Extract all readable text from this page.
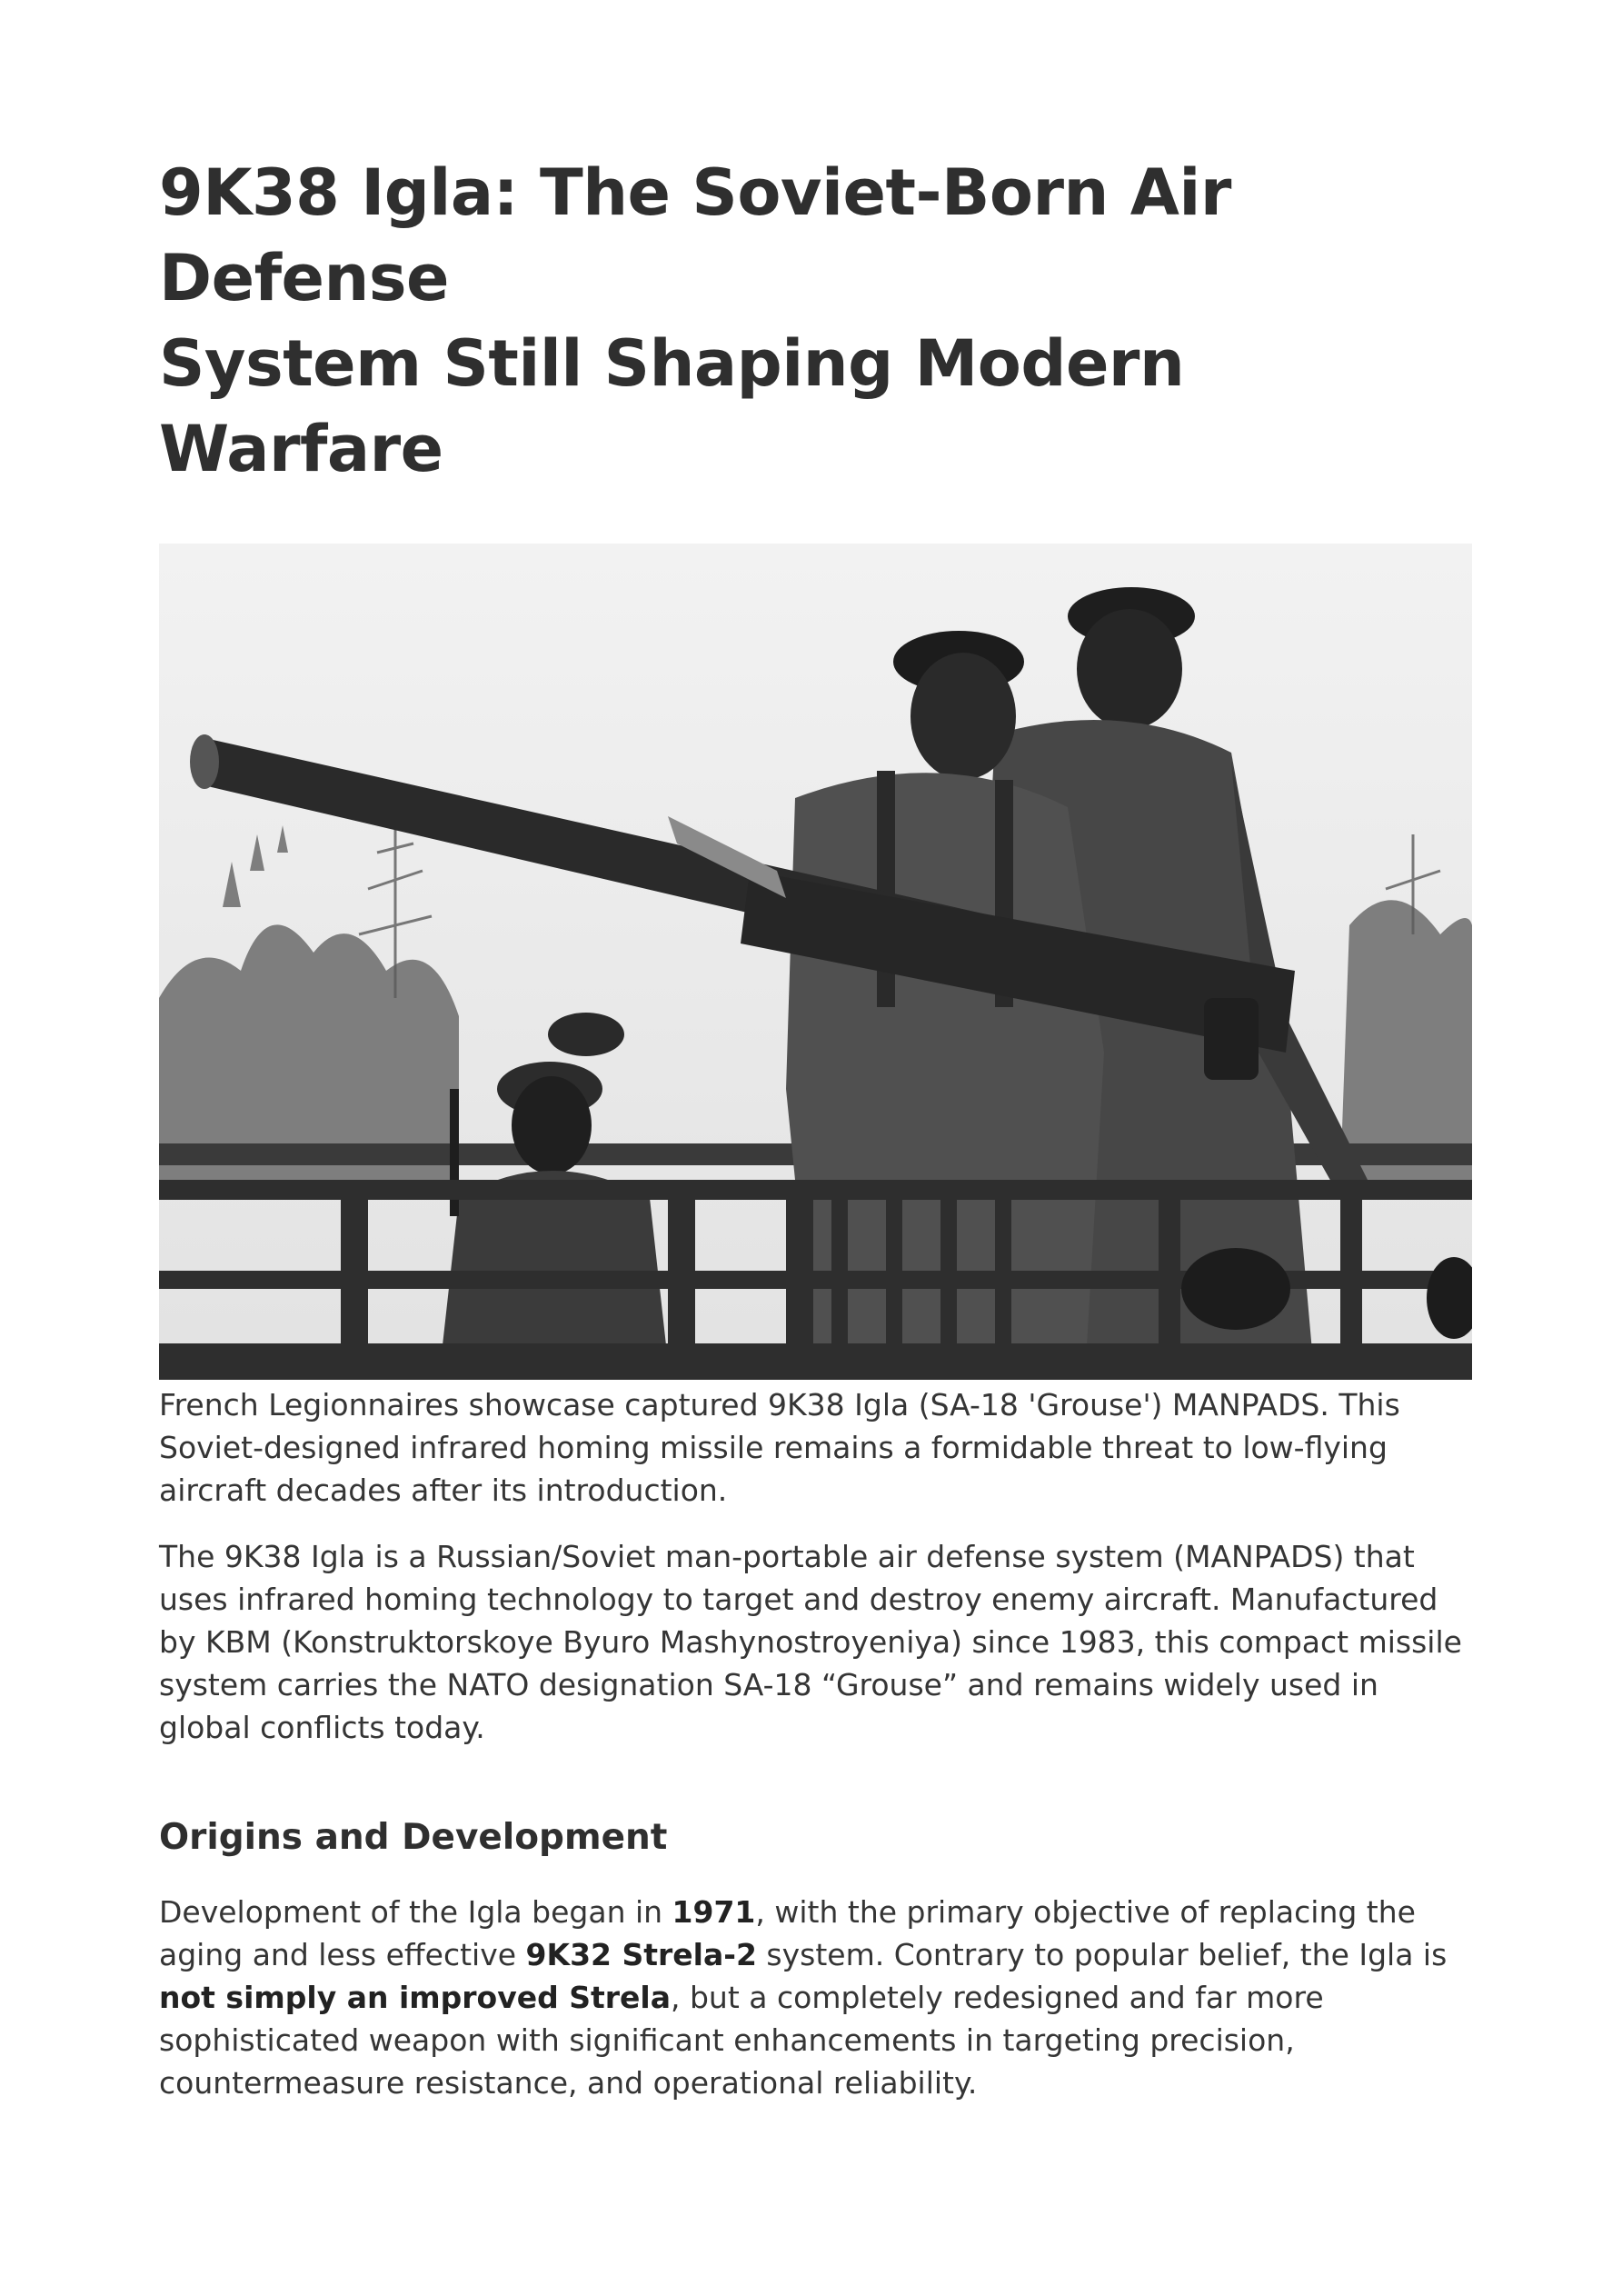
9K38 Igla: The Soviet-Born Air Defense
System Still Shaping Modern Warfare

French Legionnaires showcase captured 9K38 Igla (SA-18 'Grouse') MANPADS. This Soviet-designed infrared homing missile remains a formidable threat to low-flying aircraft decades after its introduction.

The 9K38 Igla is a Russian/Soviet man-portable air defense system (MANPADS) that uses infrared homing technology to target and destroy enemy aircraft. Manufactured by KBM (Konstruktorskoye Byuro Mashynostroyeniya) since 1983, this compact missile system carries the NATO designation SA-18 “Grouse” and remains widely used in global conflicts today.

Origins and Development

Development of the Igla began in 1971, with the primary objective of replacing the aging and less effective 9K32 Strela-2 system. Contrary to popular belief, the Igla is not simply an improved Strela, but a completely redesigned and far more sophisticated weapon with significant enhancements in targeting precision, countermeasure resistance, and operational reliability.
